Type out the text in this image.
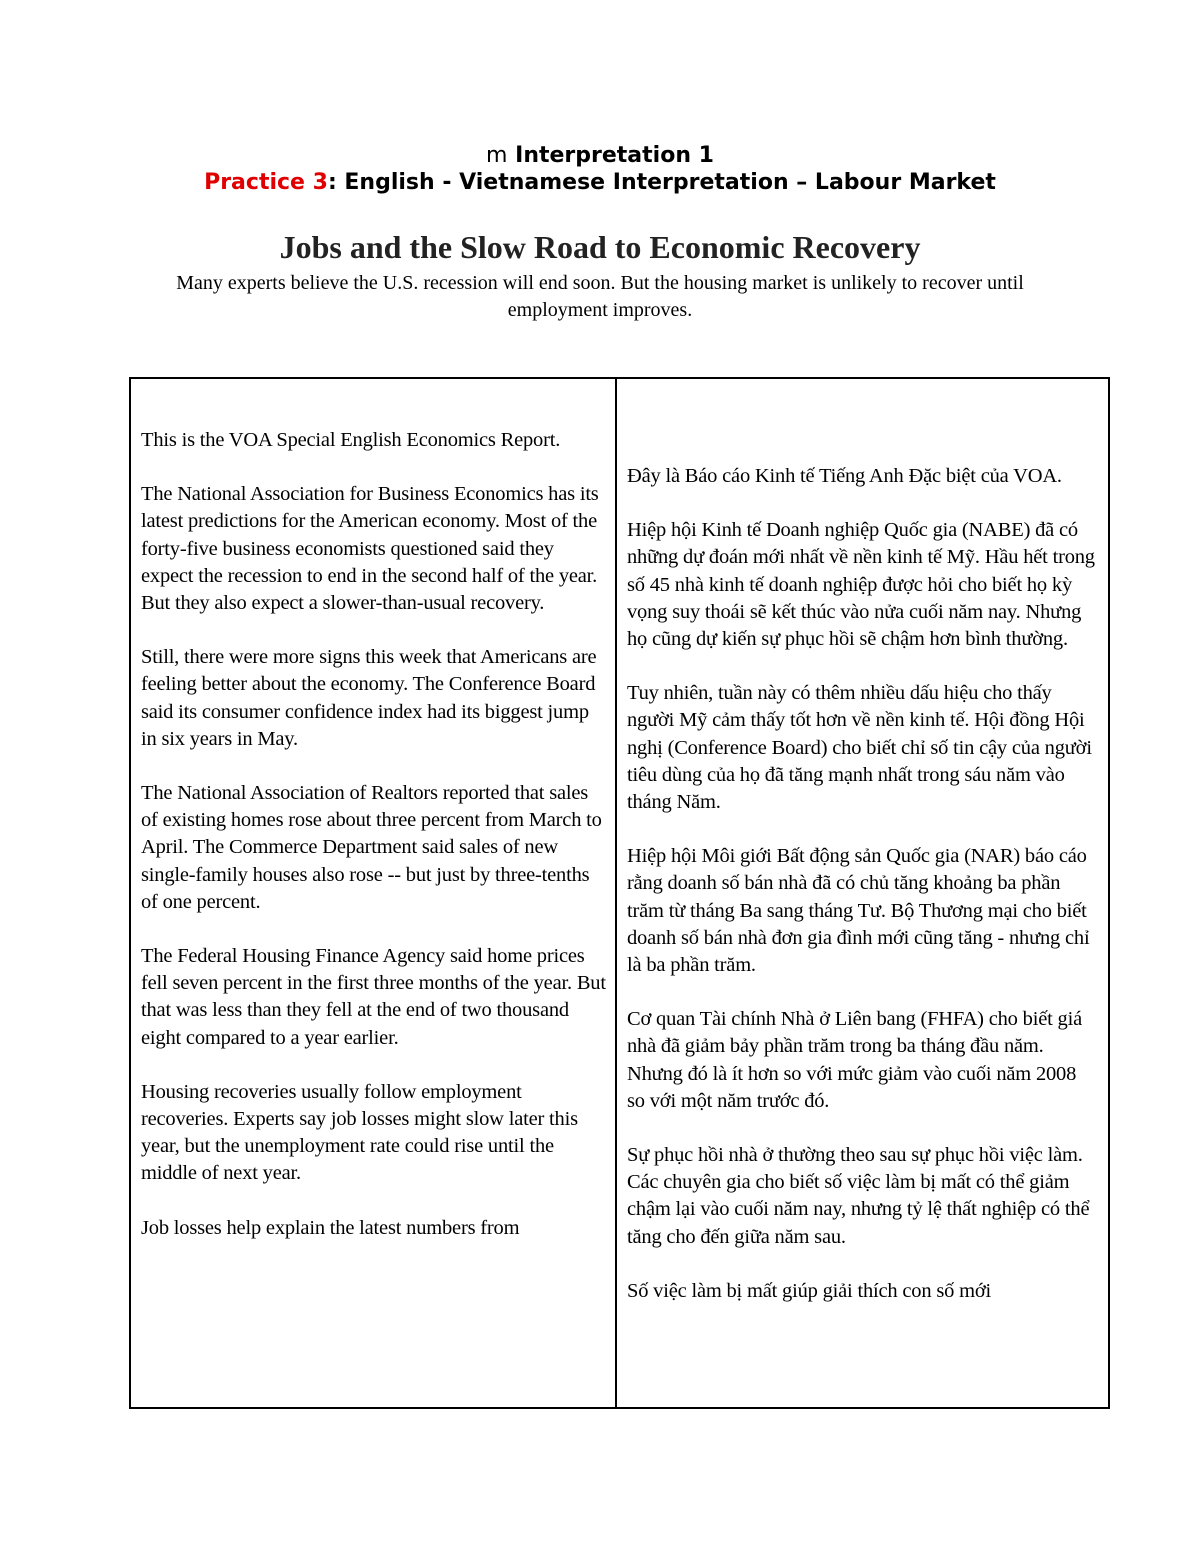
m Interpretation 1
Practice 3: English - Vietnamese Interpretation – Labour Market
Jobs and the Slow Road to Economic Recovery
Many experts believe the U.S. recession will end soon. But the housing market is unlikely to recover until employment improves.

This is the VOA Special English Economics Report.

The National Association for Business Economics has its latest predictions for the American economy. Most of the forty-five business economists questioned said they expect the recession to end in the second half of the year. But they also expect a slower-than-usual recovery.

Still, there were more signs this week that Americans are feeling better about the economy. The Conference Board said its consumer confidence index had its biggest jump in six years in May.

The National Association of Realtors reported that sales of existing homes rose about three percent from March to April. The Commerce Department said sales of new single-family houses also rose -- but just by three-tenths of one percent.

The Federal Housing Finance Agency said home prices fell seven percent in the first three months of the year. But that was less than they fell at the end of two thousand eight compared to a year earlier.

Housing recoveries usually follow employment recoveries. Experts say job losses might slow later this year, but the unemployment rate could rise until the middle of next year.

Job losses help explain the latest numbers from

Đây là Báo cáo Kinh tế Tiếng Anh Đặc biệt của VOA.

Hiệp hội Kinh tế Doanh nghiệp Quốc gia (NABE) đã có những dự đoán mới nhất về nền kinh tế Mỹ. Hầu hết trong số 45 nhà kinh tế doanh nghiệp được hỏi cho biết họ kỳ vọng suy thoái sẽ kết thúc vào nửa cuối năm nay. Nhưng họ cũng dự kiến sự phục hồi sẽ chậm hơn bình thường.

Tuy nhiên, tuần này có thêm nhiều dấu hiệu cho thấy người Mỹ cảm thấy tốt hơn về nền kinh tế. Hội đồng Hội nghị (Conference Board) cho biết chỉ số tin cậy của người tiêu dùng của họ đã tăng mạnh nhất trong sáu năm vào tháng Năm.

Hiệp hội Môi giới Bất động sản Quốc gia (NAR) báo cáo rằng doanh số bán nhà đã có chủ tăng khoảng ba phần trăm từ tháng Ba sang tháng Tư. Bộ Thương mại cho biết doanh số bán nhà đơn gia đình mới cũng tăng - nhưng chỉ là ba phần trăm.

Cơ quan Tài chính Nhà ở Liên bang (FHFA) cho biết giá nhà đã giảm bảy phần trăm trong ba tháng đầu năm. Nhưng đó là ít hơn so với mức giảm vào cuối năm 2008 so với một năm trước đó.

Sự phục hồi nhà ở thường theo sau sự phục hồi việc làm. Các chuyên gia cho biết số việc làm bị mất có thể giảm chậm lại vào cuối năm nay, nhưng tỷ lệ thất nghiệp có thể tăng cho đến giữa năm sau.

Số việc làm bị mất giúp giải thích con số mới
